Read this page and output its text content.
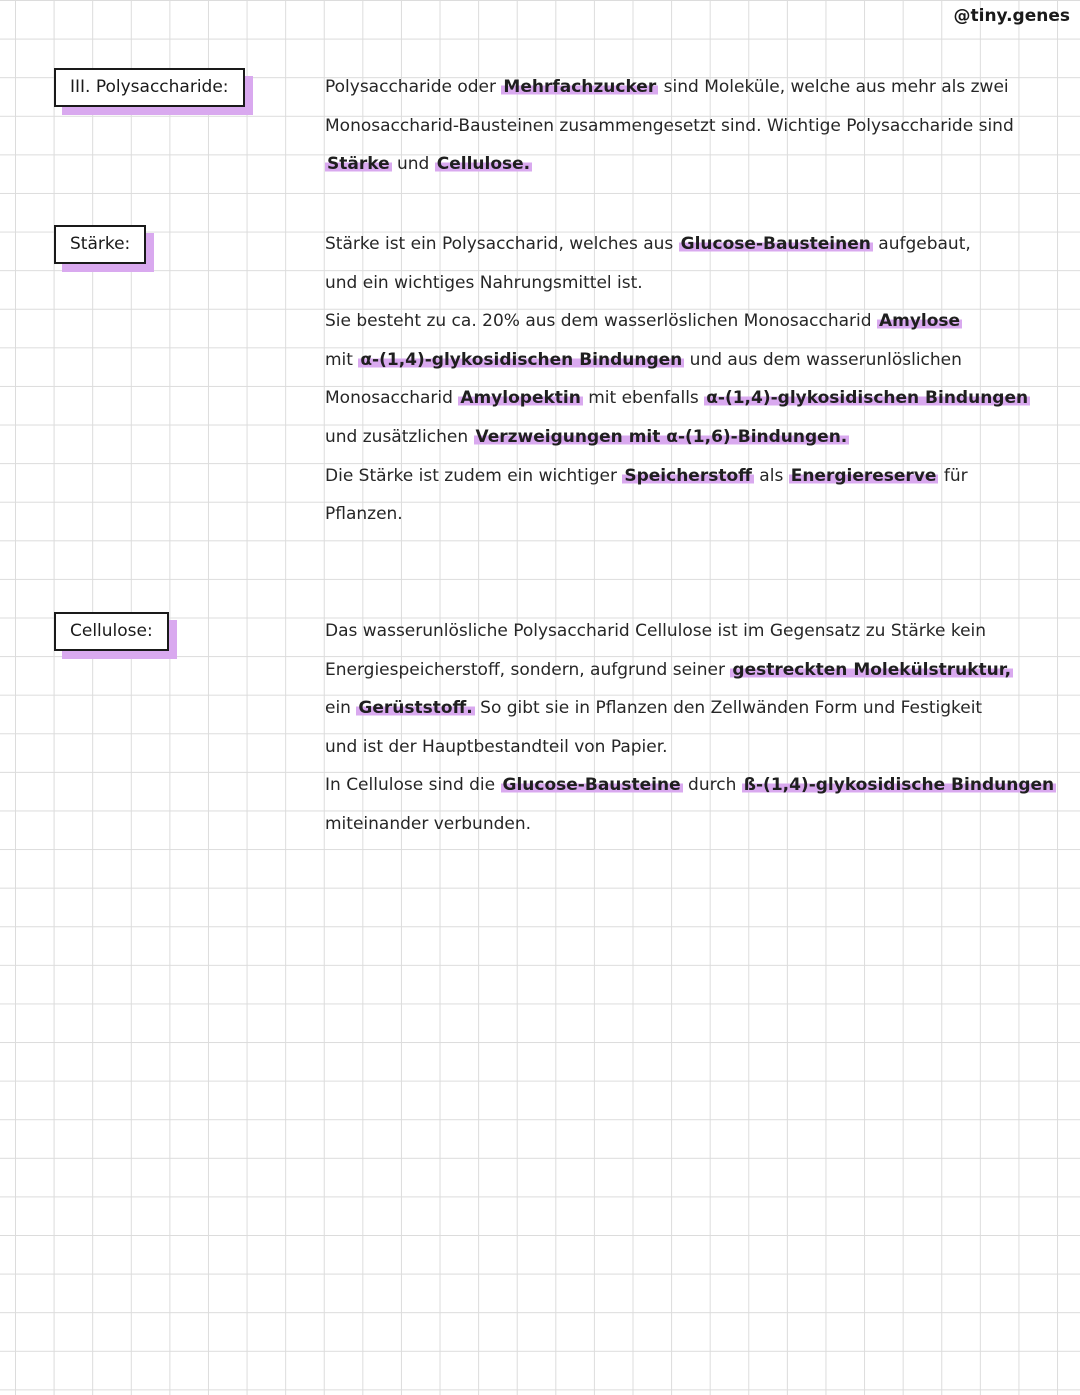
@tiny.genes
III. Polysaccharide:	Polysaccharide oder Mehrfachzucker sind Moleküle, welche aus mehr als zwei
Monosaccharid-Bausteinen zusammengesetzt sind. Wichtige Polysaccharide sind
Stärke und Cellulose.
Stärke:	Stärke ist ein Polysaccharid, welches aus Glucose-Bausteinen aufgebaut,
und ein wichtiges Nahrungsmittel ist.
Sie besteht zu ca. 20% aus dem wasserlöslichen Monosaccharid Amylose
mit α-(1,4)-glykosidischen Bindungen und aus dem wasserunlöslichen
Monosaccharid Amylopektin mit ebenfalls α-(1,4)-glykosidischen Bindungen
und zusätzlichen Verzweigungen mit α-(1,6)-Bindungen.
Die Stärke ist zudem ein wichtiger Speicherstoff als Energiereserve für
Pflanzen.
Cellulose:	Das wasserunlösliche Polysaccharid Cellulose ist im Gegensatz zu Stärke kein
Energiespeicherstoff, sondern, aufgrund seiner gestreckten Molekülstruktur,
ein Gerüststoff. So gibt sie in Pflanzen den Zellwänden Form und Festigkeit
und ist der Hauptbestandteil von Papier.
In Cellulose sind die Glucose-Bausteine durch ß-(1,4)-glykosidische Bindungen
miteinander verbunden.
